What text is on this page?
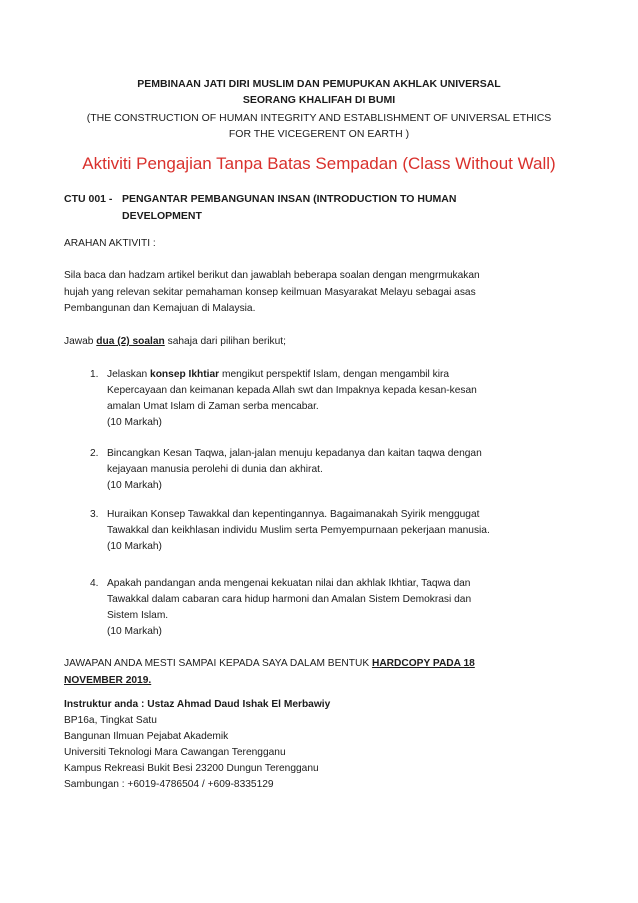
PEMBINAAN JATI DIRI MUSLIM DAN PEMUPUKAN AKHLAK UNIVERSAL
SEORANG KHALIFAH DI BUMI
(THE CONSTRUCTION OF HUMAN INTEGRITY AND ESTABLISHMENT OF UNIVERSAL ETHICS
FOR THE VICEGERENT ON EARTH )
Aktiviti Pengajian Tanpa Batas Sempadan (Class Without Wall)
CTU 001 - PENGANTAR PEMBANGUNAN INSAN (INTRODUCTION TO HUMAN
DEVELOPMENT
ARAHAN AKTIVITI :
Sila baca dan hadzam artikel berikut dan jawablah beberapa soalan dengan mengrmukakan
hujah yang relevan sekitar pemahaman konsep keilmuan Masyarakat Melayu sebagai asas
Pembangunan dan Kemajuan di Malaysia.
Jawab dua (2) soalan sahaja dari pilihan berikut;
1. Jelaskan konsep Ikhtiar mengikut perspektif Islam, dengan mengambil kira
Kepercayaan dan keimanan kepada Allah swt dan Impaknya kepada kesan-kesan
amalan Umat Islam di Zaman serba mencabar.
(10 Markah)
2. Bincangkan Kesan Taqwa, jalan-jalan menuju kepadanya dan kaitan taqwa dengan
kejayaan manusia perolehi di dunia dan akhirat.
(10 Markah)
3. Huraikan Konsep Tawakkal dan kepentingannya. Bagaimanakah Syirik menggugat
Tawakkal dan keikhlasan individu Muslim serta Pemyempurnaan pekerjaan manusia.
(10 Markah)
4. Apakah pandangan anda mengenai kekuatan nilai dan akhlak Ikhtiar, Taqwa dan
Tawakkal dalam cabaran cara hidup harmoni dan Amalan Sistem Demokrasi dan
Sistem Islam.
(10 Markah)
JAWAPAN ANDA MESTI SAMPAI KEPADA SAYA DALAM BENTUK HARDCOPY PADA 18
NOVEMBER 2019.
Instruktur anda : Ustaz Ahmad Daud Ishak El Merbawiy
BP16a, Tingkat Satu
Bangunan Ilmuan Pejabat Akademik
Universiti Teknologi Mara Cawangan Terengganu
Kampus Rekreasi Bukit Besi 23200 Dungun Terengganu
Sambungan : +6019-4786504 / +609-8335129
